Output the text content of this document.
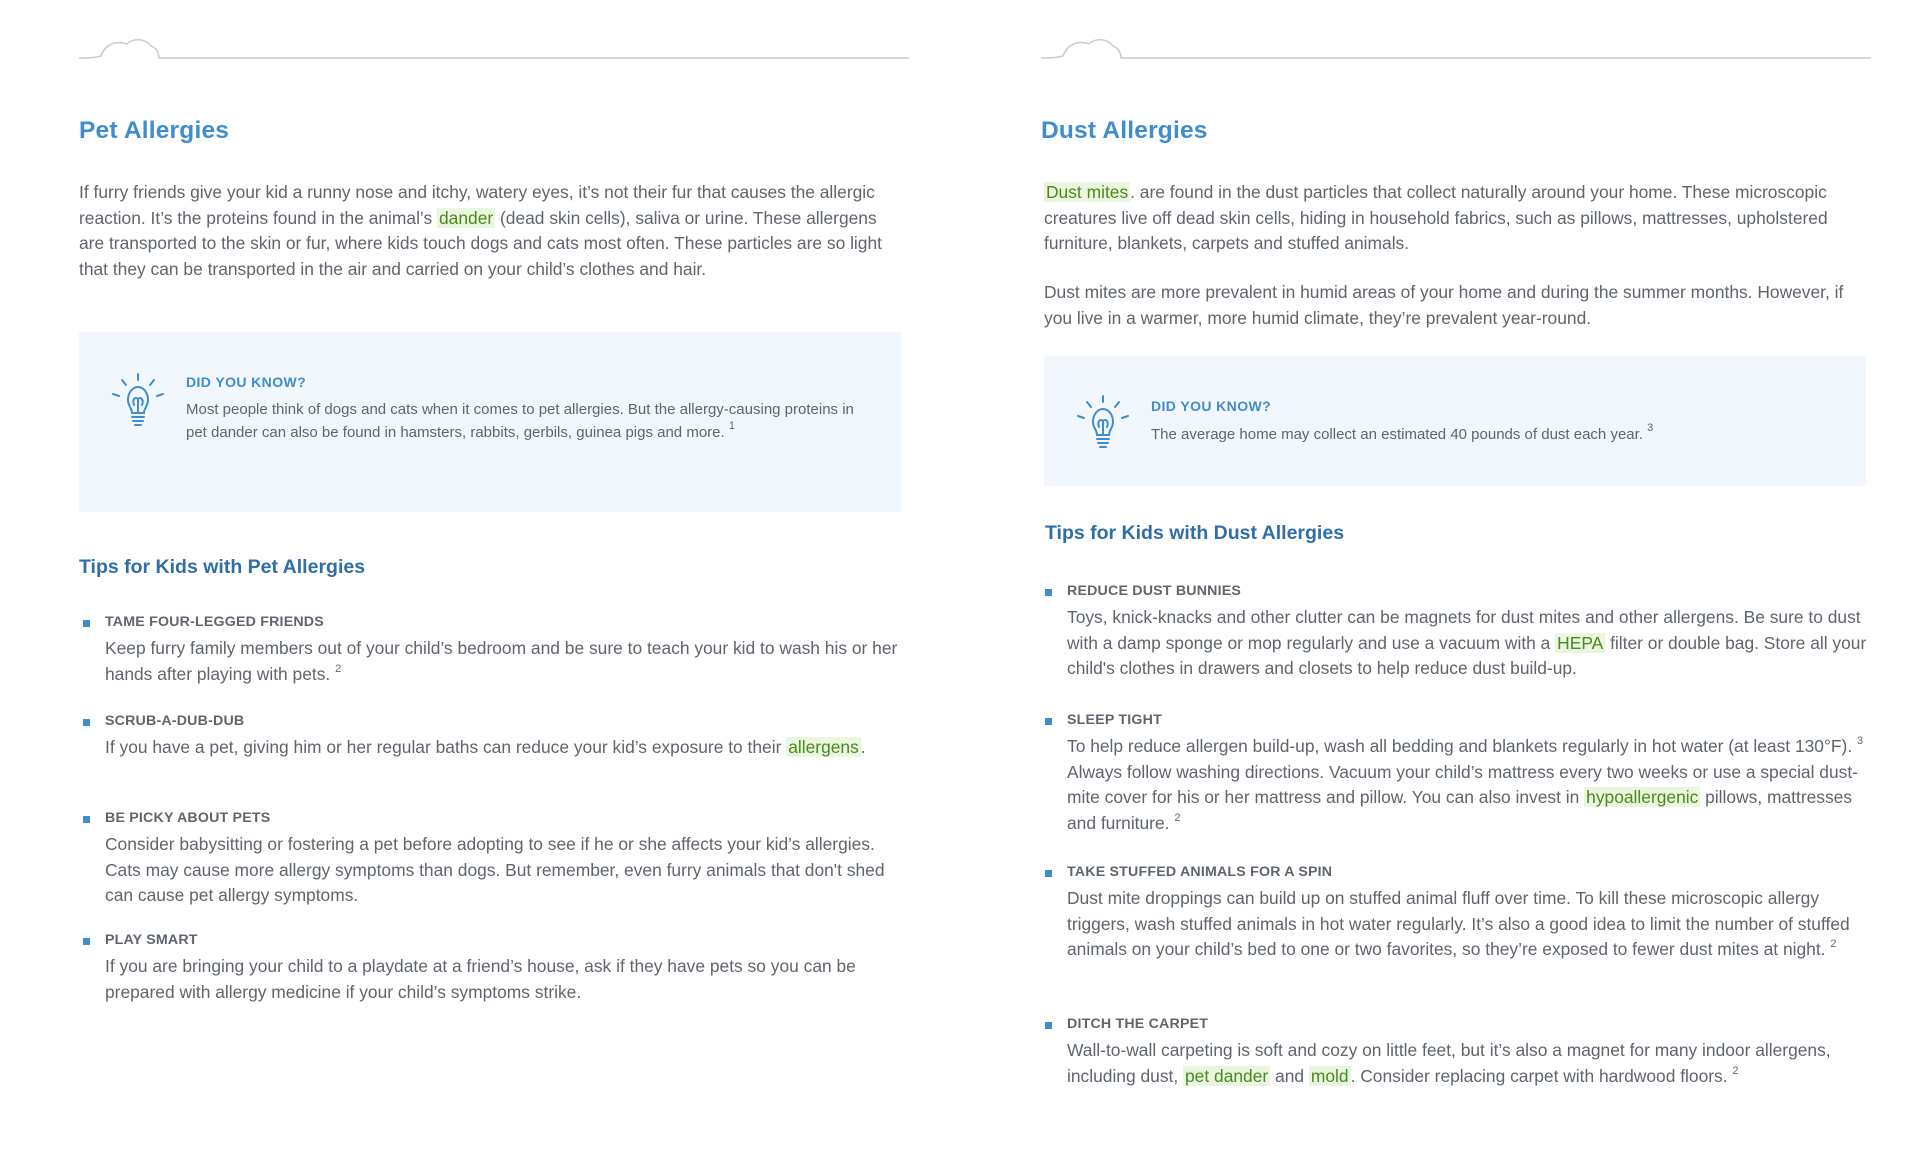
Pet Allergies

If furry friends give your kid a runny nose and itchy, watery eyes, it’s not their fur that causes the allergic reaction. It’s the proteins found in the animal’s dander (dead skin cells), saliva or urine. These allergens are transported to the skin or fur, where kids touch dogs and cats most often. These particles are so light that they can be transported in the air and carried on your child’s clothes and hair.

DID YOU KNOW?

Most people think of dogs and cats when it comes to pet allergies. But the allergy-causing proteins in pet dander can also be found in hamsters, rabbits, gerbils, guinea pigs and more. $^1$

Tips for Kids with Pet Allergies

TAME FOUR-LEGGED FRIENDS

Keep furry family members out of your child’s bedroom and be sure to teach your kid to wash his or her hands after playing with pets. $^2$

SCRUB-A-DUB-DUB

If you have a pet, giving him or her regular baths can reduce your kid’s exposure to their allergens .

BE PICKY ABOUT PETS

Consider babysitting or fostering a pet before adopting to see if he or she affects your kid’s allergies. Cats may cause more allergy symptoms than dogs. But remember, even furry animals that don't shed can cause pet allergy symptoms.

PLAY SMART

If you are bringing your child to a playdate at a friend’s house, ask if they have pets so you can be prepared with allergy medicine if your child’s symptoms strike.

Dust Allergies

Dust mites . are found in the dust particles that collect naturally around your home. These microscopic creatures live off dead skin cells, hiding in household fabrics, such as pillows, mattresses, upholstered furniture, blankets, carpets and stuffed animals.

Dust mites are more prevalent in humid areas of your home and during the summer months. However, if you live in a warmer, more humid climate, they’re prevalent year-round.

DID YOU KNOW?

The average home may collect an estimated 40 pounds of dust each year. $^3$

Tips for Kids with Dust Allergies

REDUCE DUST BUNNIES

Toys, knick-knacks and other clutter can be magnets for dust mites and other allergens. Be sure to dust with a damp sponge or mop regularly and use a vacuum with a HEPA filter or double bag. Store all your child's clothes in drawers and closets to help reduce dust build-up.

SLEEP TIGHT

To help reduce allergen build-up, wash all bedding and blankets regularly in hot water (at least 130°F). $^3$ Always follow washing directions. Vacuum your child’s mattress every two weeks or use a special dust-mite cover for his or her mattress and pillow. You can also invest in hypoallergenic pillows, mattresses and furniture. $^2$

TAKE STUFFED ANIMALS FOR A SPIN

Dust mite droppings can build up on stuffed animal fluff over time. To kill these microscopic allergy triggers, wash stuffed animals in hot water regularly. It’s also a good idea to limit the number of stuffed animals on your child’s bed to one or two favorites, so they’re exposed to fewer dust mites at night. $^2$

DITCH THE CARPET

Wall-to-wall carpeting is soft and cozy on little feet, but it’s also a magnet for many indoor allergens, including dust, pet dander and mold . Consider replacing carpet with hardwood floors. $^2$
